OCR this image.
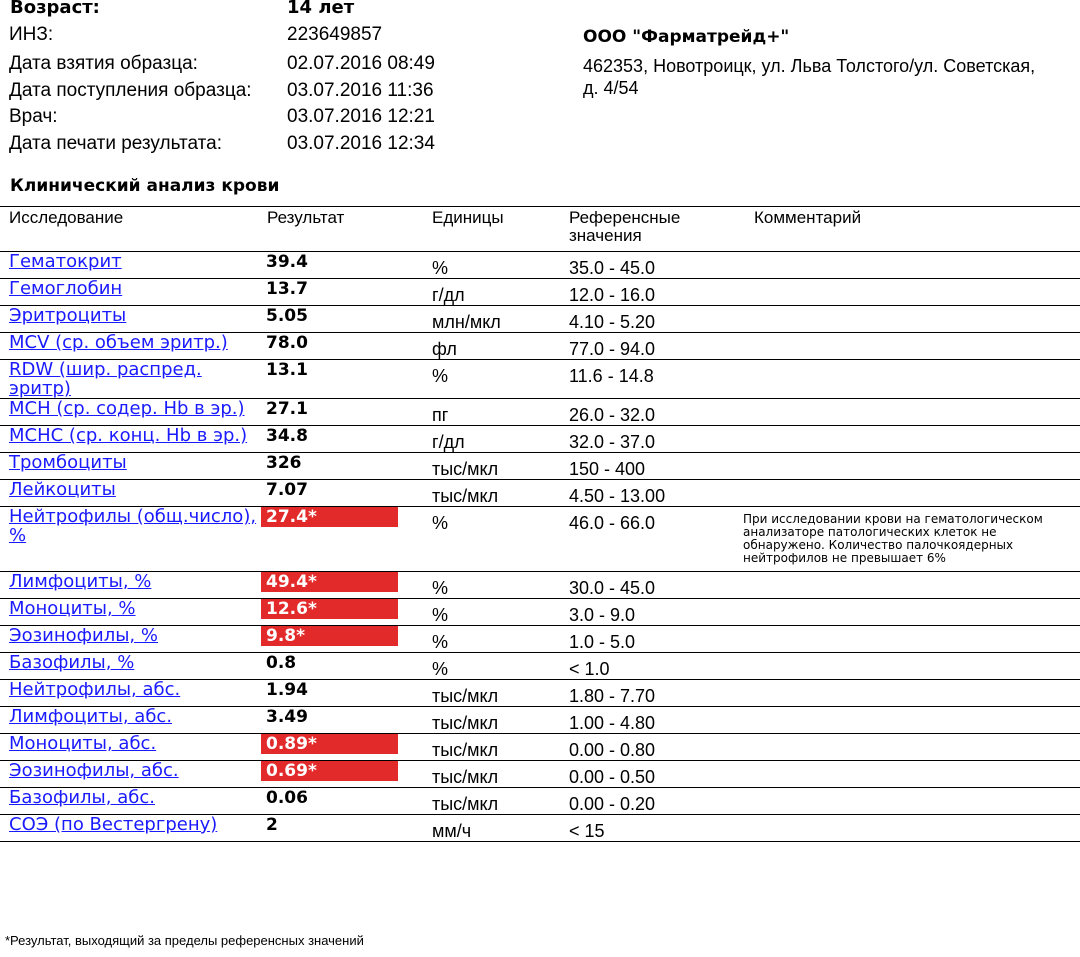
Возраст:	14 лет
ИНЗ:	223649857
Дата взятия образца:	02.07.2016 08:49
Дата поступления образца: 03.07.2016 11:36
Врач:	03.07.2016 12:21
Дата печати результата:	03.07.2016 12:34
ООО "Фарматрейд+"
462353, Новотроицк, ул. Льва Толстого/ул. Советская,
д. 4/54
Клинический анализ крови
Исследование	Результат	Единицы	Референсные значения	Комментарий
Гематокрит	39.4	%	35.0 - 45.0	
Гемоглобин	13.7	г/дл	12.0 - 16.0	
Эритроциты	5.05	млн/мкл	4.10 - 5.20	
MCV (ср. объем эритр.)	78.0	фл	77.0 - 94.0	
RDW (шир. распред. эритр)	13.1	%	11.6 - 14.8	
MCH (ср. содер. Hb в эр.)	27.1	пг	26.0 - 32.0	
MCHC (ср. конц. Hb в эр.)	34.8	г/дл	32.0 - 37.0	
Тромбоциты	326	тыс/мкл	150 - 400	
Лейкоциты	7.07	тыс/мкл	4.50 - 13.00	
Нейтрофилы (общ.число), %	27.4*	%	46.0 - 66.0	При исследовании крови на гематологическом анализаторе патологических клеток не обнаружено. Количество палочкоядерных нейтрофилов не превышает 6%
Лимфоциты, %	49.4*	%	30.0 - 45.0	
Моноциты, %	12.6*	%	3.0 - 9.0	
Эозинофилы, %	9.8*	%	1.0 - 5.0	
Базофилы, %	0.8	%	< 1.0	
Нейтрофилы, абс.	1.94	тыс/мкл	1.80 - 7.70	
Лимфоциты, абс.	3.49	тыс/мкл	1.00 - 4.80	
Моноциты, абс.	0.89*	тыс/мкл	0.00 - 0.80	
Эозинофилы, абс.	0.69*	тыс/мкл	0.00 - 0.50	
Базофилы, абс.	0.06	тыс/мкл	0.00 - 0.20	
СОЭ (по Вестергрену)	2	мм/ч	< 15	
*Результат, выходящий за пределы референсных значений
